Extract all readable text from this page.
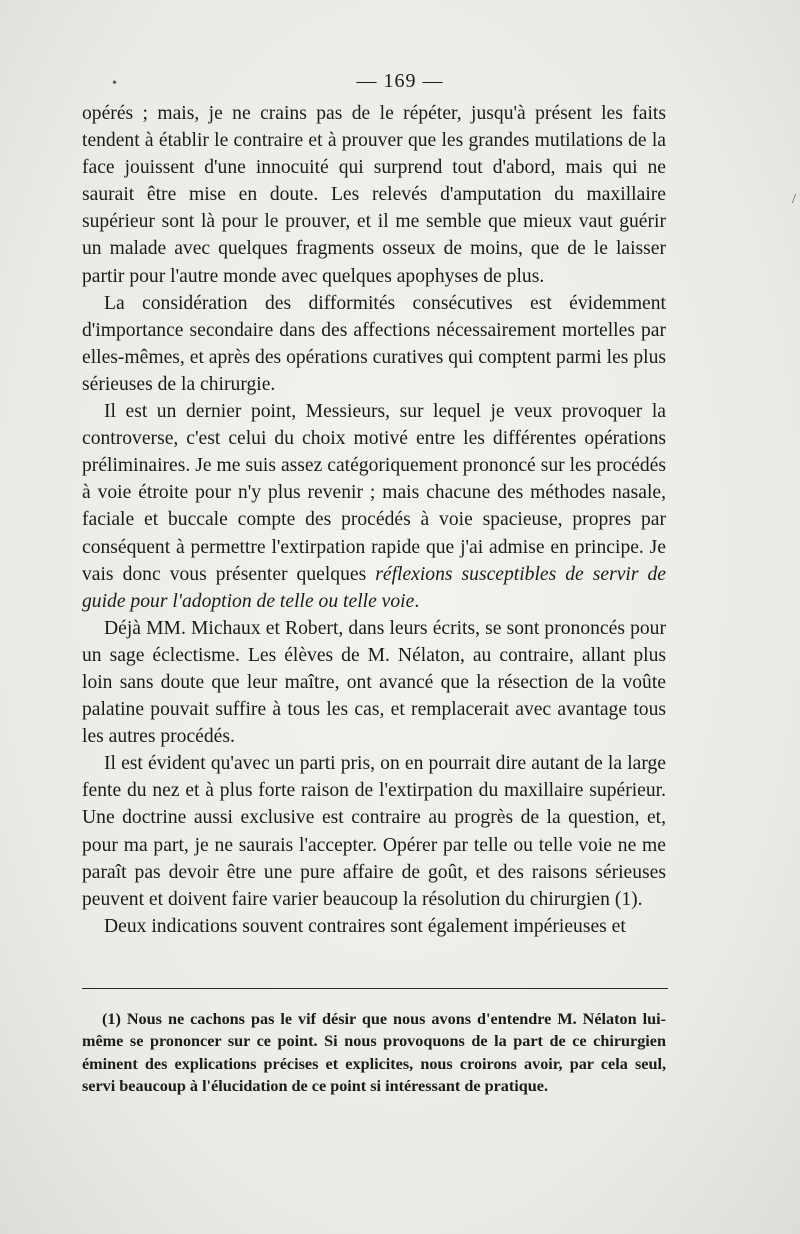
•
/
— 169 —

opérés ; mais, je ne crains pas de le répéter, jusqu'à présent les faits tendent à établir le contraire et à prouver que les grandes mutilations de la face jouissent d'une innocuité qui surprend tout d'abord, mais qui ne saurait être mise en doute. Les relevés d'amputation du maxillaire supérieur sont là pour le prouver, et il me semble que mieux vaut guérir un malade avec quelques fragments osseux de moins, que de le laisser partir pour l'autre monde avec quelques apophyses de plus.

La considération des difformités consécutives est évidemment d'importance secondaire dans des affections nécessairement mortelles par elles-mêmes, et après des opérations curatives qui comptent parmi les plus sérieuses de la chirurgie.

Il est un dernier point, Messieurs, sur lequel je veux provoquer la controverse, c'est celui du choix motivé entre les différentes opérations préliminaires. Je me suis assez catégoriquement prononcé sur les procédés à voie étroite pour n'y plus revenir ; mais chacune des méthodes nasale, faciale et buccale compte des procédés à voie spacieuse, propres par conséquent à permettre l'extirpation rapide que j'ai admise en principe. Je vais donc vous présenter quelques réflexions susceptibles de servir de guide pour l'adoption de telle ou telle voie.

Déjà MM. Michaux et Robert, dans leurs écrits, se sont prononcés pour un sage éclectisme. Les élèves de M. Nélaton, au contraire, allant plus loin sans doute que leur maître, ont avancé que la résection de la voûte palatine pouvait suffire à tous les cas, et remplacerait avec avantage tous les autres procédés.

Il est évident qu'avec un parti pris, on en pourrait dire autant de la large fente du nez et à plus forte raison de l'extirpation du maxillaire supérieur. Une doctrine aussi exclusive est contraire au progrès de la question, et, pour ma part, je ne saurais l'accepter. Opérer par telle ou telle voie ne me paraît pas devoir être une pure affaire de goût, et des raisons sérieuses peuvent et doivent faire varier beaucoup la résolution du chirurgien (1).

Deux indications souvent contraires sont également impérieuses et

(1) Nous ne cachons pas le vif désir que nous avons d'entendre M. Nélaton lui-même se prononcer sur ce point. Si nous provoquons de la part de ce chirurgien éminent des explications précises et explicites, nous croirons avoir, par cela seul, servi beaucoup à l'élucidation de ce point si intéressant de pratique.
